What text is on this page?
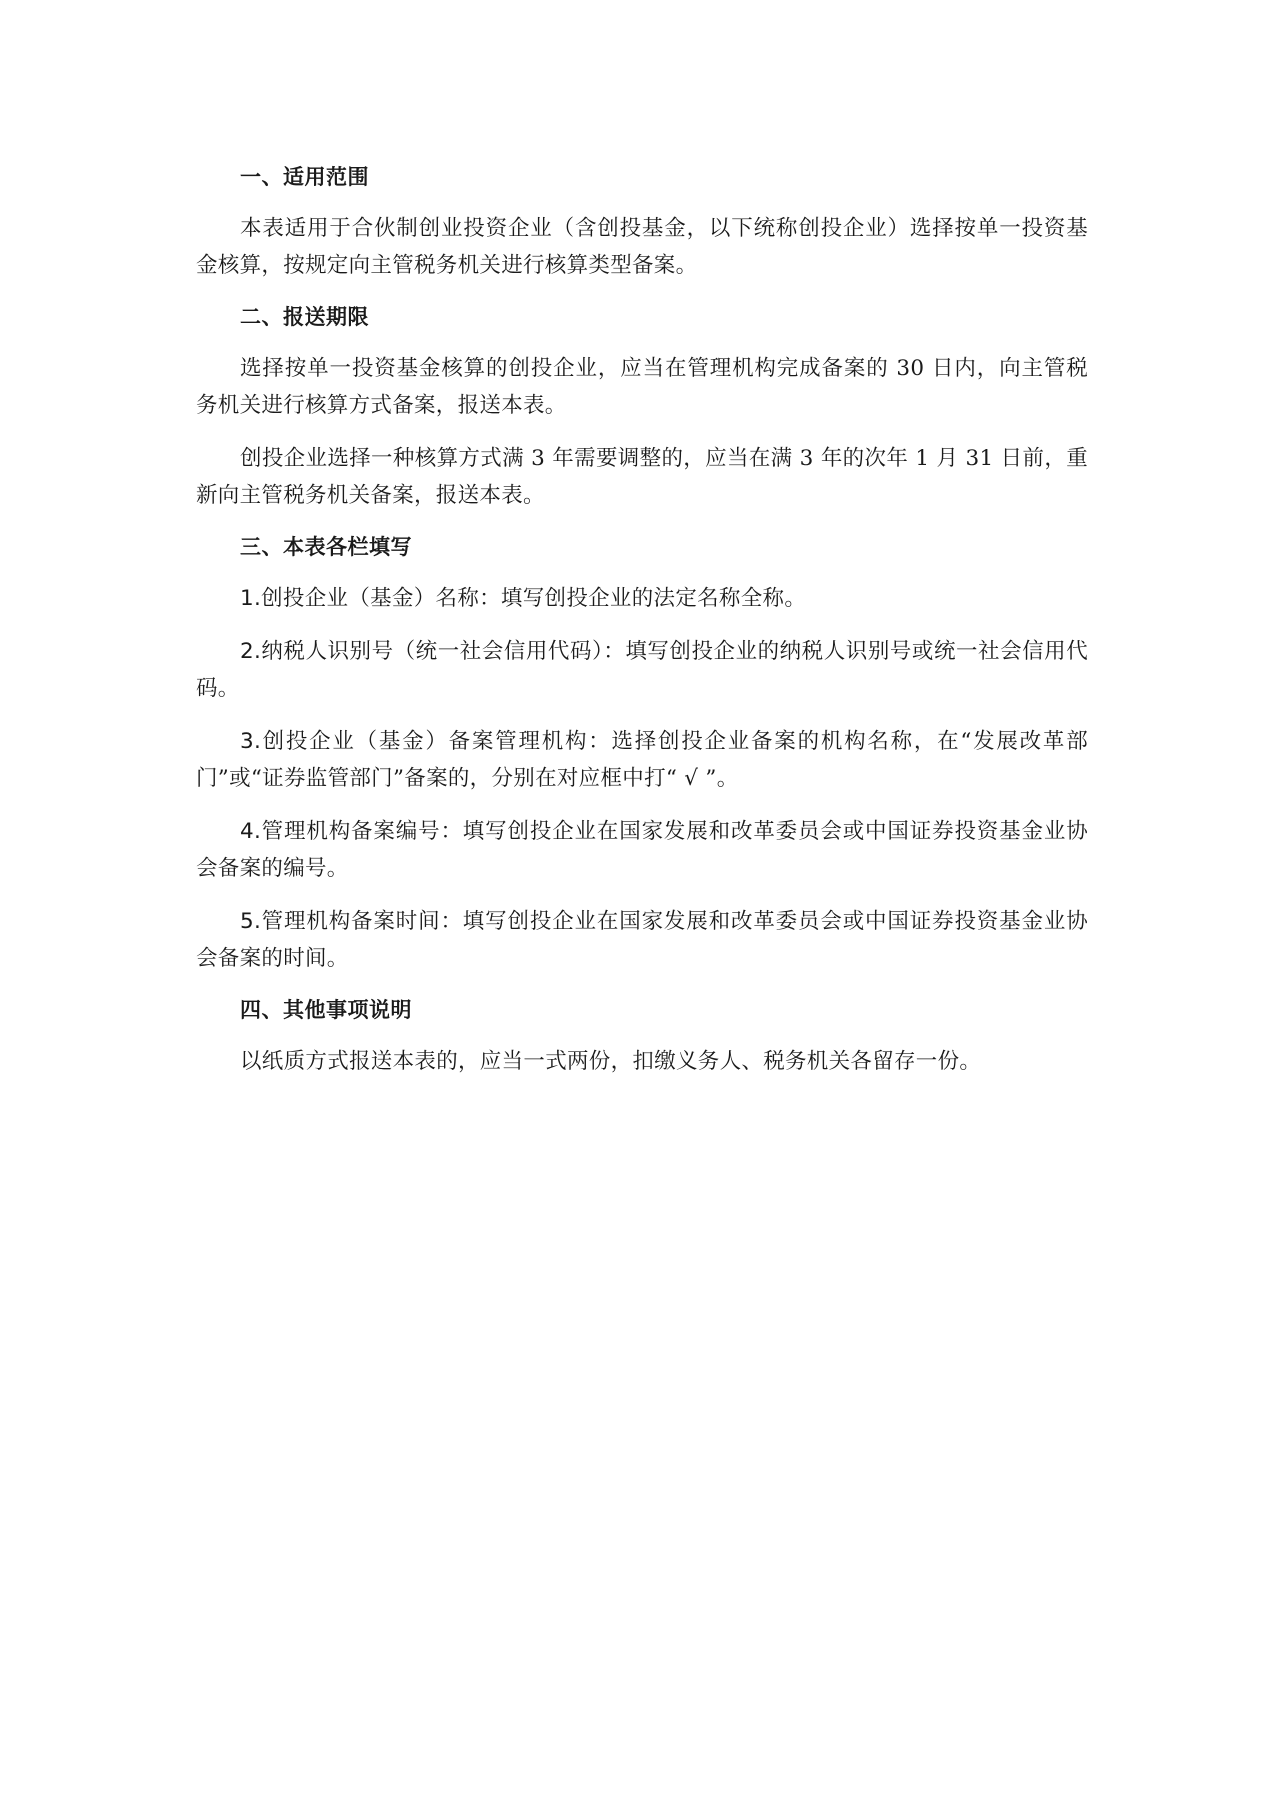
一、适用范围

本表适用于合伙制创业投资企业（含创投基金，以下统称创投企业）选择按单一投资基金核算，按规定向主管税务机关进行核算类型备案。

二、报送期限

选择按单一投资基金核算的创投企业，应当在管理机构完成备案的 30 日内，向主管税务机关进行核算方式备案，报送本表。

创投企业选择一种核算方式满 3 年需要调整的，应当在满 3 年的次年 1 月 31 日前，重新向主管税务机关备案，报送本表。

三、本表各栏填写

1.创投企业（基金）名称：填写创投企业的法定名称全称。

2.纳税人识别号（统一社会信用代码）：填写创投企业的纳税人识别号或统一社会信用代码。

3.创投企业（基金）备案管理机构：选择创投企业备案的机构名称，在“发展改革部门”或“证券监管部门”备案的，分别在对应框中打“ √ ”。

4.管理机构备案编号：填写创投企业在国家发展和改革委员会或中国证券投资基金业协会备案的编号。

5.管理机构备案时间：填写创投企业在国家发展和改革委员会或中国证券投资基金业协会备案的时间。

四、其他事项说明

以纸质方式报送本表的，应当一式两份，扣缴义务人、税务机关各留存一份。
